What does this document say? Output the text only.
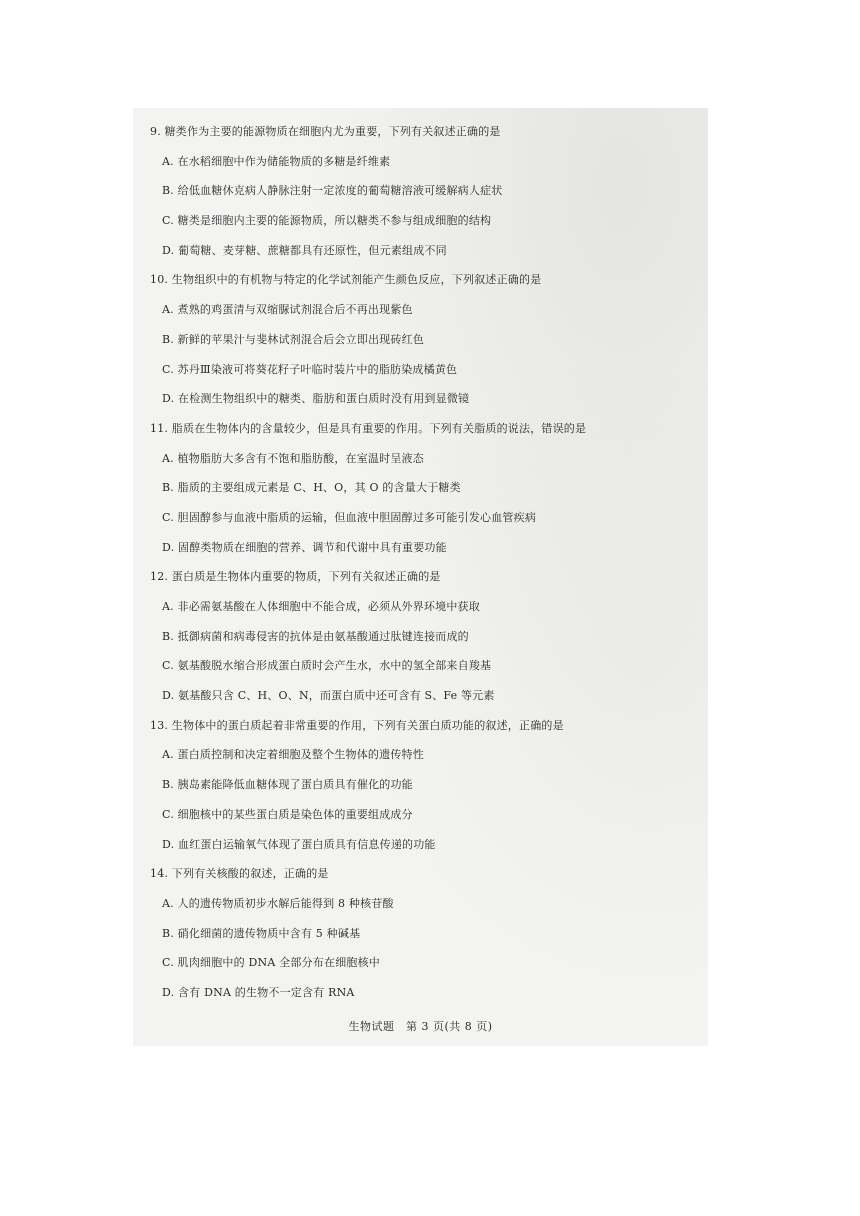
9. 糖类作为主要的能源物质在细胞内尤为重要，下列有关叙述正确的是
A. 在水稻细胞中作为储能物质的多糖是纤维素
B. 给低血糖休克病人静脉注射一定浓度的葡萄糖溶液可缓解病人症状
C. 糖类是细胞内主要的能源物质，所以糖类不参与组成细胞的结构
D. 葡萄糖、麦芽糖、蔗糖都具有还原性，但元素组成不同
10. 生物组织中的有机物与特定的化学试剂能产生颜色反应，下列叙述正确的是
A. 煮熟的鸡蛋清与双缩脲试剂混合后不再出现紫色
B. 新鲜的苹果汁与斐林试剂混合后会立即出现砖红色
C. 苏丹Ⅲ染液可将葵花籽子叶临时装片中的脂肪染成橘黄色
D. 在检测生物组织中的糖类、脂肪和蛋白质时没有用到显微镜
11. 脂质在生物体内的含量较少，但是具有重要的作用。下列有关脂质的说法，错误的是
A. 植物脂肪大多含有不饱和脂肪酸，在室温时呈液态
B. 脂质的主要组成元素是 C、H、O，其 O 的含量大于糖类
C. 胆固醇参与血液中脂质的运输，但血液中胆固醇过多可能引发心血管疾病
D. 固醇类物质在细胞的营养、调节和代谢中具有重要功能
12. 蛋白质是生物体内重要的物质，下列有关叙述正确的是
A. 非必需氨基酸在人体细胞中不能合成，必须从外界环境中获取
B. 抵御病菌和病毒侵害的抗体是由氨基酸通过肽键连接而成的
C. 氨基酸脱水缩合形成蛋白质时会产生水，水中的氢全部来自羧基
D. 氨基酸只含 C、H、O、N，而蛋白质中还可含有 S、Fe 等元素
13. 生物体中的蛋白质起着非常重要的作用，下列有关蛋白质功能的叙述，正确的是
A. 蛋白质控制和决定着细胞及整个生物体的遗传特性
B. 胰岛素能降低血糖体现了蛋白质具有催化的功能
C. 细胞核中的某些蛋白质是染色体的重要组成成分
D. 血红蛋白运输氧气体现了蛋白质具有信息传递的功能
14. 下列有关核酸的叙述，正确的是
A. 人的遗传物质初步水解后能得到 8 种核苷酸
B. 硝化细菌的遗传物质中含有 5 种碱基
C. 肌肉细胞中的 DNA 全部分布在细胞核中
D. 含有 DNA 的生物不一定含有 RNA
生物试题　第 3 页(共 8 页)
